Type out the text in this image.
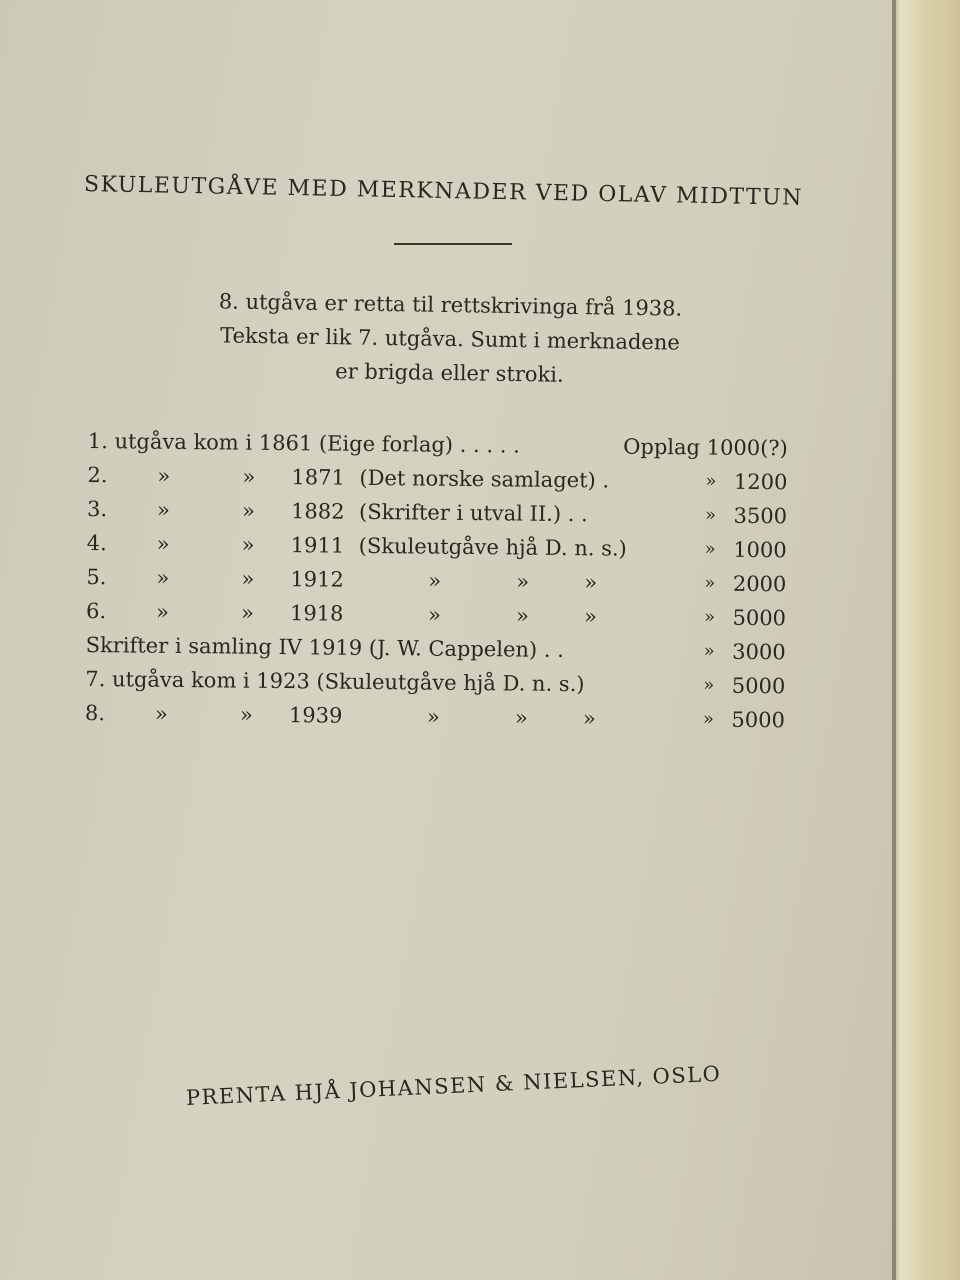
SKULEUTGÅVE MED MERKNADER VED OLAV MIDTTUN
8. utgåva er retta til rettskrivinga frå 1938.
Teksta er lik 7. utgåva. Sumt i merknadene
er brigda eller stroki.
1. utgåva kom i 1861 (Eige forlag) . . . . .	Opplag 1000(?)
2. »	» 1871 (Det norske samlaget) .	» 1200
3. »	» 1882 (Skrifter i utval II.) . .	» 3500
4. »	» 1911 (Skuleutgåve hjå D. n. s.)	» 1000
5. »	» 1912	»	»	»	» 2000
6. »	» 1918	»	»	»	» 5000
Skrifter i samling IV 1919 (J. W. Cappelen) . .	» 3000
7. utgåva kom i 1923 (Skuleutgåve hjå D. n. s.)	» 5000
8. »	» 1939	»	»	»	» 5000
PRENTA HJÅ JOHANSEN & NIELSEN, OSLO
